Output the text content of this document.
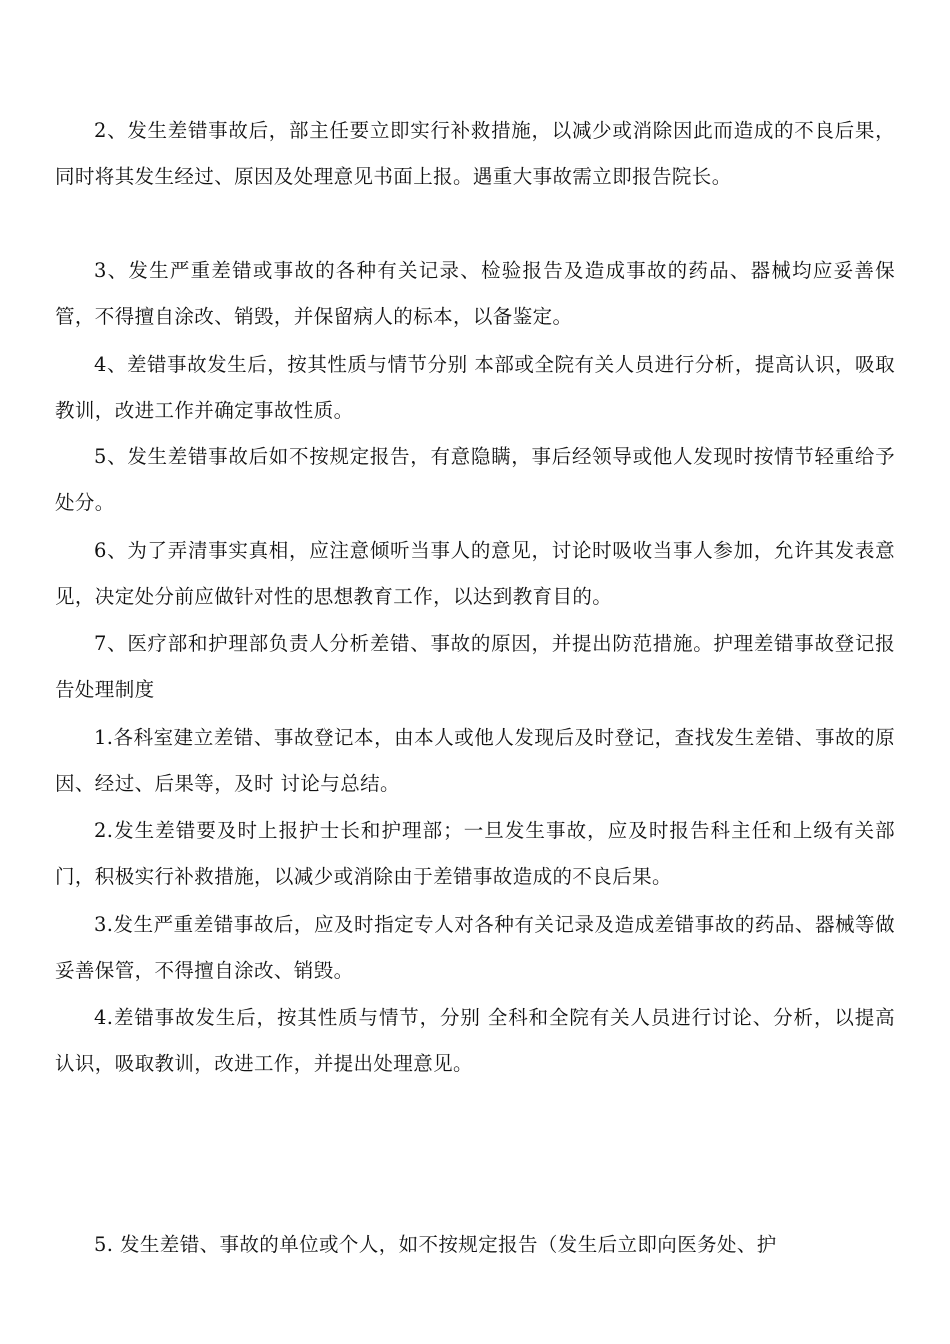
2、发生差错事故后，部主任要立即实行补救措施，以减少或消除因此而造成的不良后果，同时将其发生经过、原因及处理意见书面上报。遇重大事故需立即报告院长。

3、发生严重差错或事故的各种有关记录、检验报告及造成事故的药品、器械均应妥善保管，不得擅自涂改、销毁，并保留病人的标本，以备鉴定。

4、差错事故发生后，按其性质与情节分别 本部或全院有关人员进行分析，提高认识，吸取教训，改进工作并确定事故性质。

5、发生差错事故后如不按规定报告，有意隐瞒，事后经领导或他人发现时按情节轻重给予处分。

6、为了弄清事实真相，应注意倾听当事人的意见，讨论时吸收当事人参加，允许其发表意见，决定处分前应做针对性的思想教育工作，以达到教育目的。

7、医疗部和护理部负责人分析差错、事故的原因，并提出防范措施。护理差错事故登记报告处理制度

1.各科室建立差错、事故登记本，由本人或他人发现后及时登记，查找发生差错、事故的原因、经过、后果等，及时 讨论与总结。

2.发生差错要及时上报护士长和护理部；一旦发生事故，应及时报告科主任和上级有关部门，积极实行补救措施，以减少或消除由于差错事故造成的不良后果。

3.发生严重差错事故后，应及时指定专人对各种有关记录及造成差错事故的药品、器械等做妥善保管，不得擅自涂改、销毁。

4.差错事故发生后，按其性质与情节，分别 全科和全院有关人员进行讨论、分析，以提高认识，吸取教训，改进工作，并提出处理意见。

5. 发生差错、事故的单位或个人，如不按规定报告（发生后立即向医务处、护
